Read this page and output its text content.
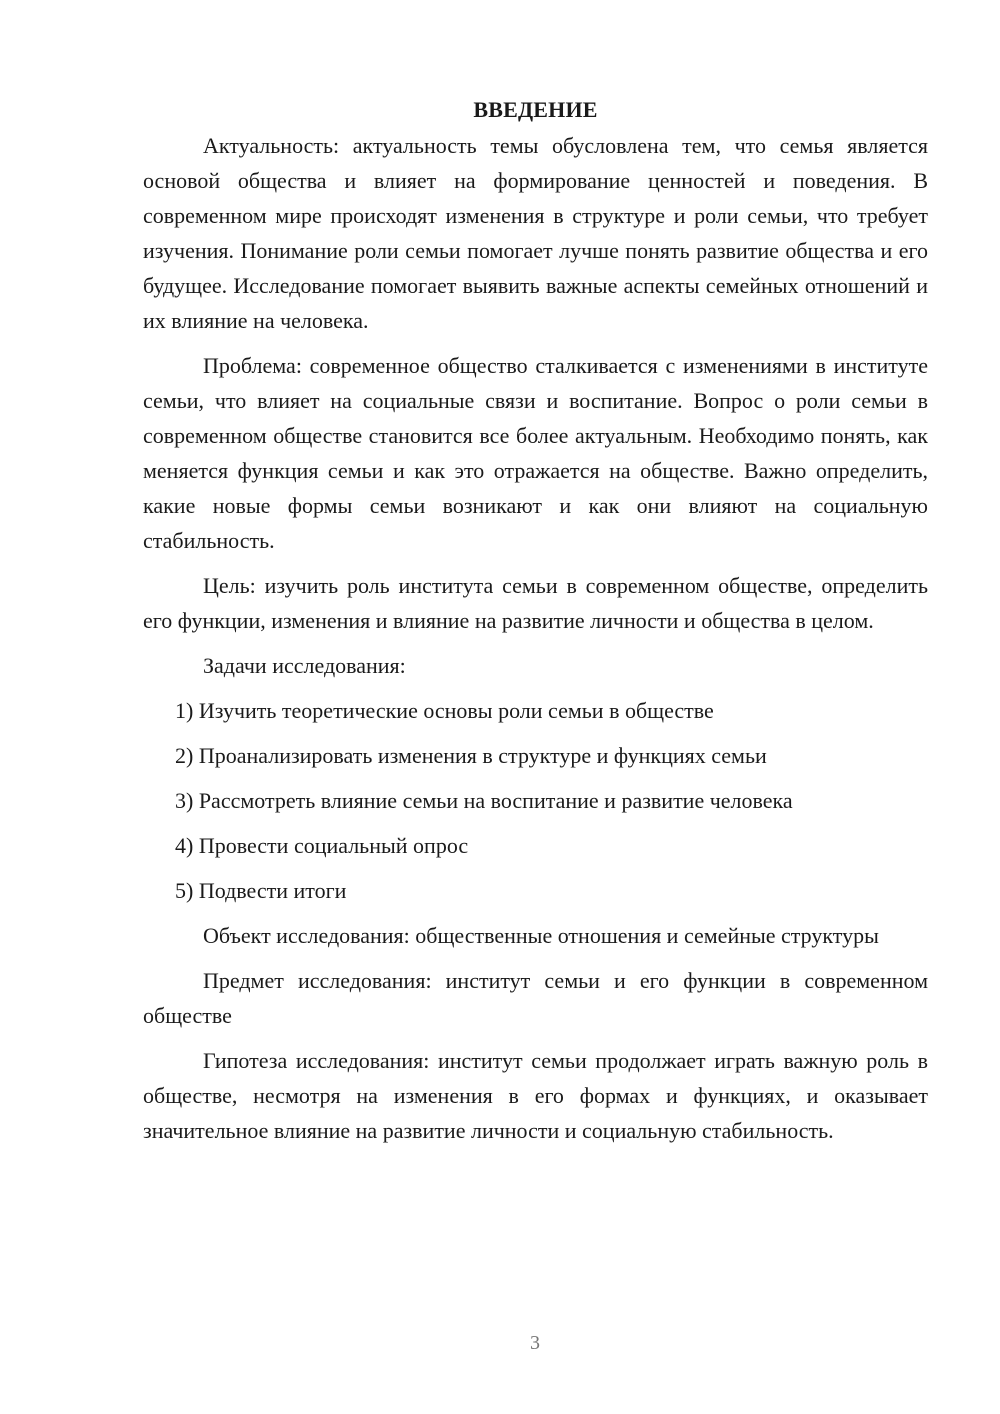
ВВЕДЕНИЕ

Актуальность: актуальность темы обусловлена тем, что семья является основой общества и влияет на формирование ценностей и поведения. В современном мире происходят изменения в структуре и роли семьи, что требует изучения. Понимание роли семьи помогает лучше понять развитие общества и его будущее. Исследование помогает выявить важные аспекты семейных отношений и их влияние на человека.

Проблема: современное общество сталкивается с изменениями в институте семьи, что влияет на социальные связи и воспитание. Вопрос о роли семьи в современном обществе становится все более актуальным. Необходимо понять, как меняется функция семьи и как это отражается на обществе. Важно определить, какие новые формы семьи возникают и как они влияют на социальную стабильность.

Цель: изучить роль института семьи в современном обществе, определить его функции, изменения и влияние на развитие личности и общества в целом.

Задачи исследования:

1) Изучить теоретические основы роли семьи в обществе
2) Проанализировать изменения в структуре и функциях семьи
3) Рассмотреть влияние семьи на воспитание и развитие человека
4) Провести социальный опрос
5) Подвести итоги

Объект исследования: общественные отношения и семейные структуры

Предмет исследования: институт семьи и его функции в современном обществе

Гипотеза исследования: институт семьи продолжает играть важную роль в обществе, несмотря на изменения в его формах и функциях, и оказывает значительное влияние на развитие личности и социальную стабильность.

3
